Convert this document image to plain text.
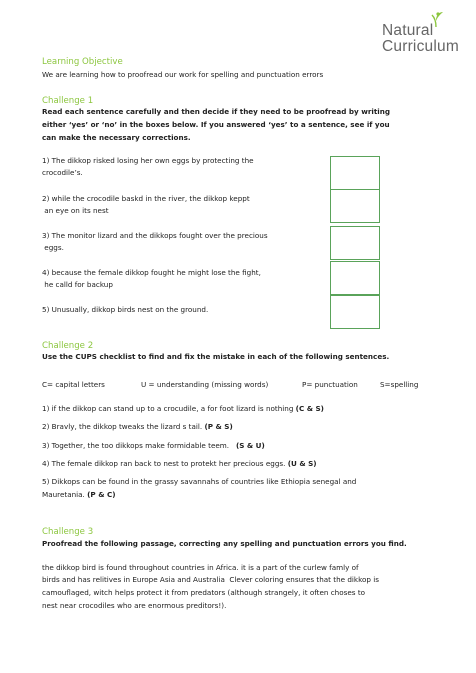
Natural
Curriculum
Learning Objective
We are learning how to proofread our work for spelling and punctuation errors
Challenge 1
Read each sentence carefully and then decide if they need to be proofread by writing
either ‘yes’ or ‘no’ in the boxes below. If you answered ‘yes’ to a sentence, see if you
can make the necessary corrections.
1) The dikkop risked losing her own eggs by protecting the
crocodile’s.
2) while the crocodile baskd in the river, the dikkop keppt
an eye on its nest
3) The monitor lizard and the dikkops fought over the precious
eggs.
4) because the female dikkop fought he might lose the fight,
he calld for backup
5) Unusually, dikkop birds nest on the ground.
Challenge 2
Use the CUPS checklist to find and fix the mistake in each of the following sentences.
C= capital letters	U = understanding (missing words)	P= punctuation	S=spelling
1) if the dikkop can stand up to a crocudile, a for foot lizard is nothing (C & S)
2) Bravly, the dikkop tweaks the lizard s tail. (P & S)
3) Together, the too dikkops make formidable teem.   (S & U)
4) The female dikkop ran back to nest to protekt her precious eggs. (U & S)
5) Dikkops can be found in the grassy savannahs of countries like Ethiopia senegal and
Mauretania. (P & C)
Challenge 3
Proofread the following passage, correcting any spelling and punctuation errors you find.
the dikkop bird is found throughout countries in Africa. it is a part of the curlew famly of
birds and has relitives in Europe Asia and Australia  Clever coloring ensures that the dikkop is
camouflaged, witch helps protect it from predators (although strangely, it often choses to
nest near crocodiles who are enormous preditors!).
